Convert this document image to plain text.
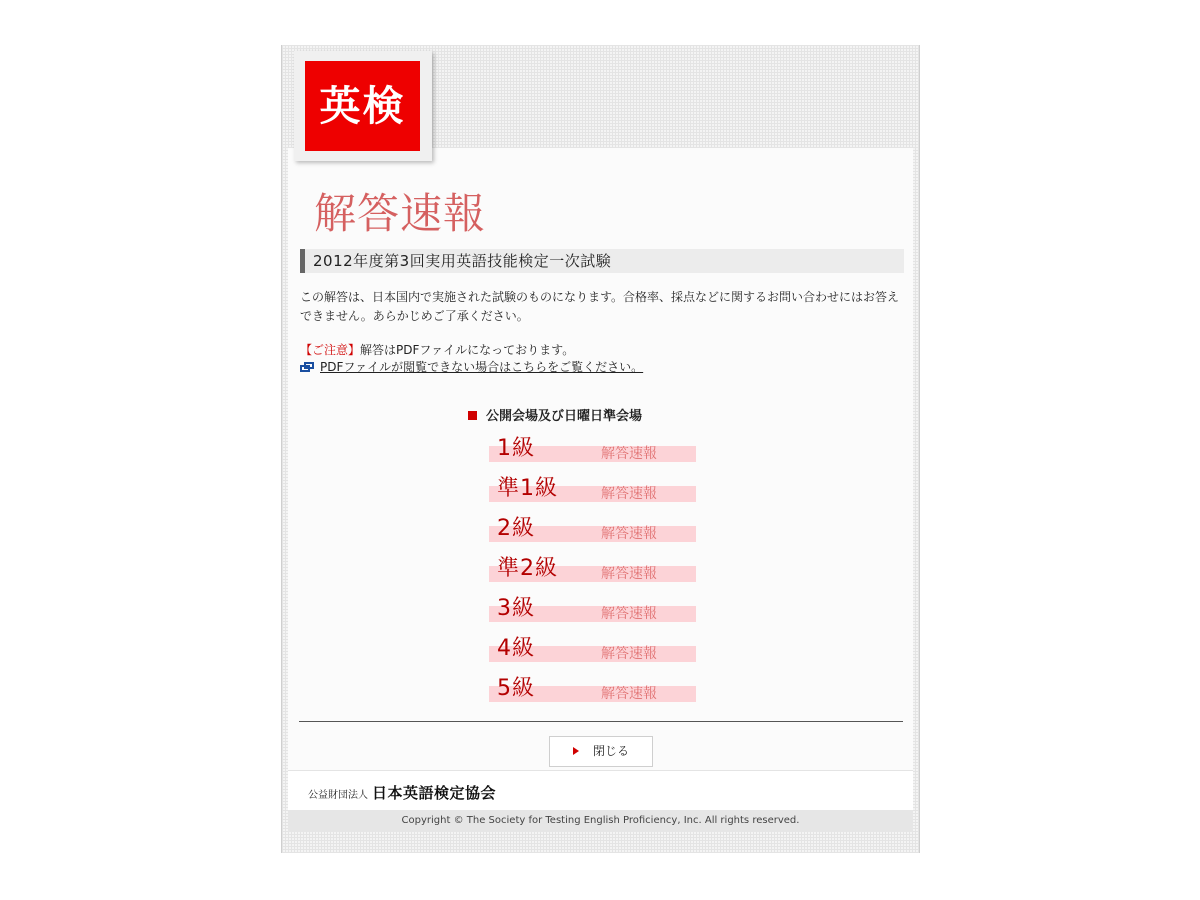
英検
解答速報
2012年度第3回実用英語技能検定一次試験
この解答は、日本国内で実施された試験のものになります。合格率、採点などに関するお問い合わせにはお答えできません。あらかじめご了承ください。
【ご注意】解答はPDFファイルになっております。
PDFファイルが閲覧できない場合はこちらをご覧ください。
公開会場及び日曜日準会場
1級	解答速報
準1級	解答速報
2級	解答速報
準2級	解答速報
3級	解答速報
4級	解答速報
5級	解答速報
閉じる
公益財団法人 日本英語検定協会
Copyright © The Society for Testing English Proficiency, Inc. All rights reserved.
